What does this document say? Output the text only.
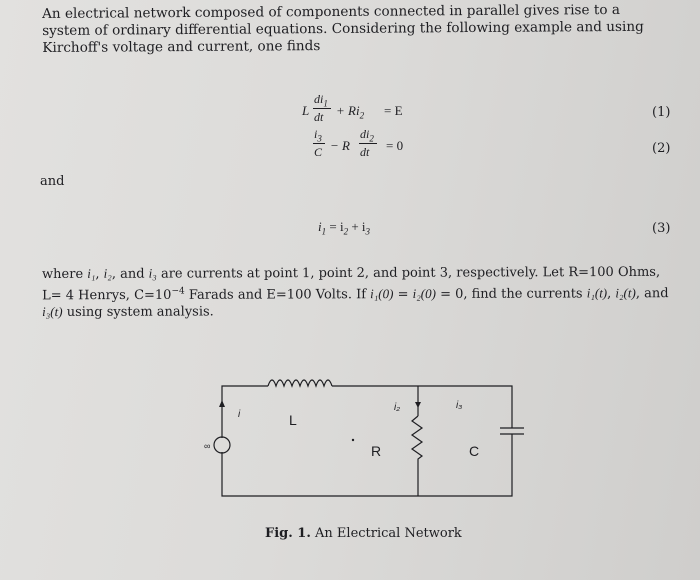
An electrical network composed of components connected in parallel gives rise to a system of ordinary differential equations. Considering the following example and using Kirchoff's voltage and current, one finds
L
$di_1$
dt + $Ri_2 = E$	(1)
$i_3$
C − R
$di_2$
dt = 0	(2)
and
$i_1 = i_2 + i_3$	(3)
where i₁, i₂, and i₃ are currents at point 1, point 2, and point 3, respectively. Let R=100 Ohms, L= 4 Henrys, $C=10^{-4}$ Farads and E=100 Volts. If i₁(0) = i₂(0) = 0, find the currents i₁(t), i₂(t), and i₃(t) using system analysis.
∞
i	L
i₂	i₃
R	C
Fig. 1. An Electrical Network
